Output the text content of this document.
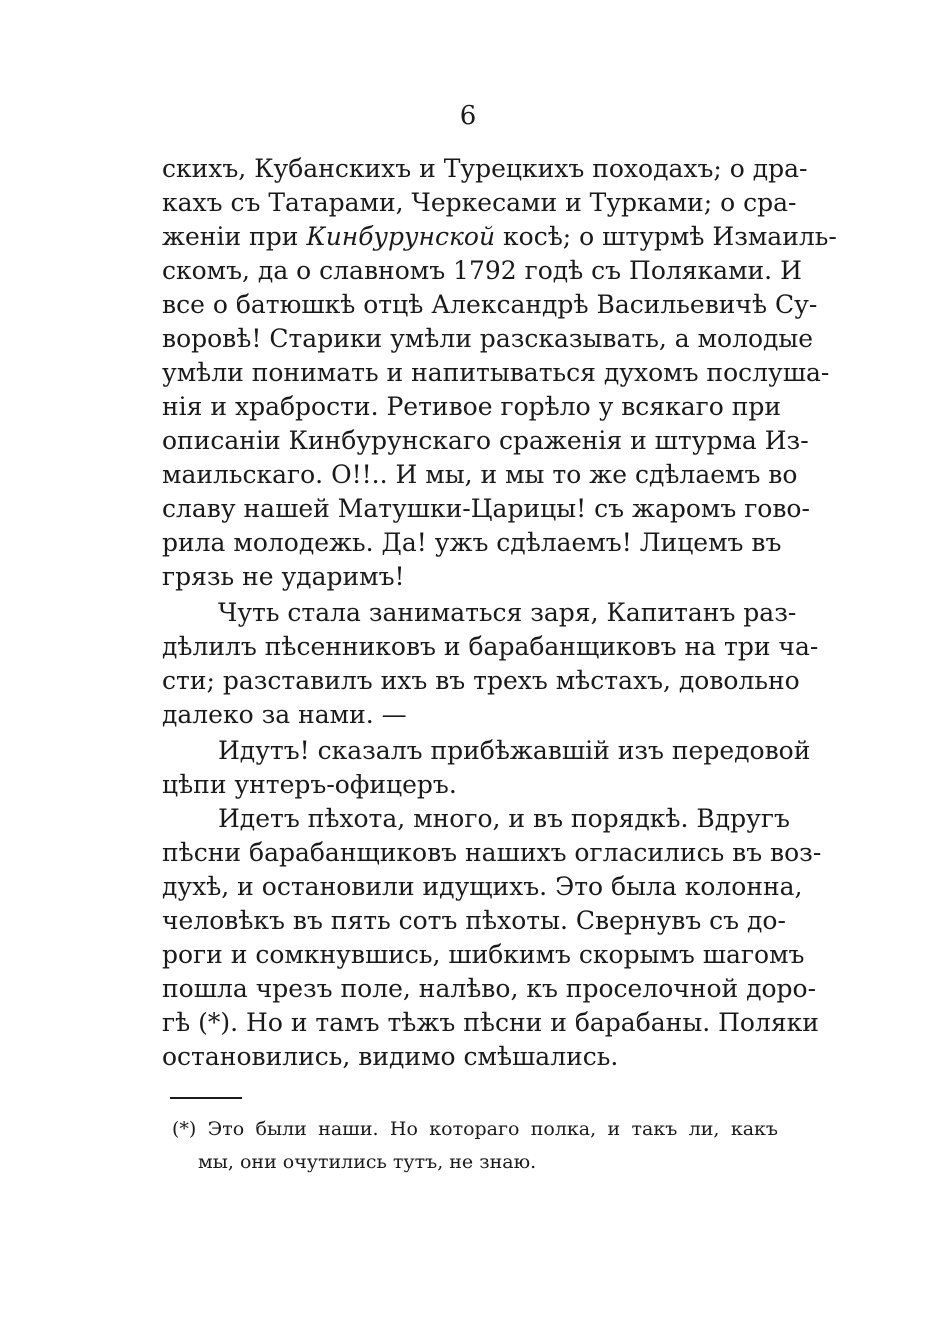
6
скихъ, Кубанскихъ и Турецкихъ походахъ; о дра-
кахъ съ Татарами, Черкесами и Турками; о сра-
женіи при Кинбурунской косѣ; о штурмѣ Измаиль-
скомъ, да о славномъ 1792 годѣ съ Поляками. И
все о батюшкѣ отцѣ Александрѣ Васильевичѣ Су-
воровѣ! Старики умѣли разсказывать, а молодые
умѣли понимать и напитываться духомъ послуша-
нія и храбрости. Ретивое горѣло у всякаго при
описаніи Кинбурунскаго сраженія и штурма Из-
маильскаго. О!!.. И мы, и мы то же сдѣлаемъ во
славу нашей Матушки-Царицы! съ жаромъ гово-
рила молодежь. Да! ужъ сдѣлаемъ! Лицемъ въ
грязь не ударимъ!
Чуть стала заниматься заря, Капитанъ раз-
дѣлилъ пѣсенниковъ и барабанщиковъ на три ча-
сти; разставилъ ихъ въ трехъ мѣстахъ, довольно
далеко за нами. —
Идутъ! сказалъ прибѣжавшій изъ передовой
цѣпи унтеръ-офицеръ.
Идетъ пѣхота, много, и въ порядкѣ. Вдругъ
пѣсни барабанщиковъ нашихъ огласились въ воз-
духѣ, и остановили идущихъ. Это была колонна,
человѣкъ въ пять сотъ пѣхоты. Свернувъ съ до-
роги и сомкнувшись, шибкимъ скорымъ шагомъ
пошла чрезъ поле, налѣво, къ проселочной доро-
гѣ (*). Но и тамъ тѣжъ пѣсни и барабаны. Поляки
остановились, видимо смѣшались.
(*) Это были наши. Но котораго полка, и такъ ли, какъ
мы, они очутились тутъ, не знаю.
